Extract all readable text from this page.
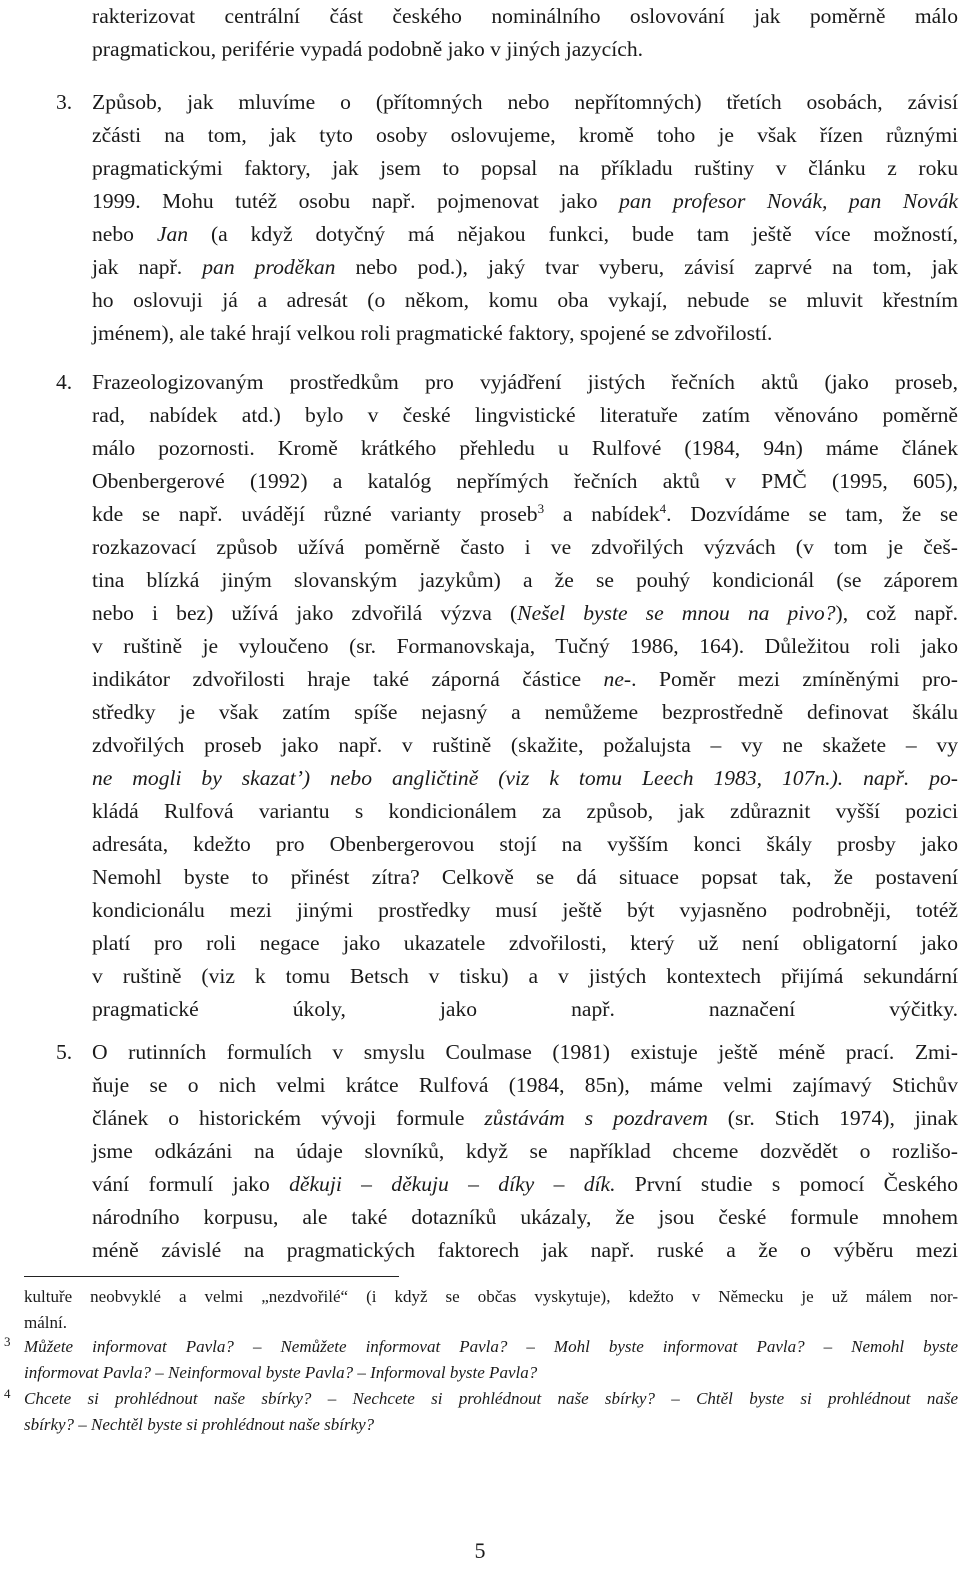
rakterizovat centrální část českého nominálního oslovování jak poměrně málo
pragmatickou, periférie vypadá podobně jako v jiných jazycích.
3. Způsob, jak mluvíme o (přítomných nebo nepřítomných) třetích osobách, závisí
zčásti na tom, jak tyto osoby oslovujeme, kromě toho je však řízen různými
pragmatickými faktory, jak jsem to popsal na příkladu ruštiny v článku z roku
1999. Mohu tutéž osobu např. pojmenovat jako pan profesor Novák, pan Novák
nebo Jan (a když dotyčný má nějakou funkci, bude tam ještě více možností,
jak např. pan proděkan nebo pod.), jaký tvar vyberu, závisí zaprvé na tom, jak
ho oslovuji já a adresát (o někom, komu oba vykají, nebude se mluvit křestním
jménem), ale také hrají velkou roli pragmatické faktory, spojené se zdvořilostí.
4. Frazeologizovaným prostředkům pro vyjádření jistých řečních aktů (jako proseb,
rad, nabídek atd.) bylo v české lingvistické literatuře zatím věnováno poměrně
málo pozornosti. Kromě krátkého přehledu u Rulfové (1984, 94n) máme článek
Obenbergerové (1992) a katalóg nepřímých řečních aktů v PMČ (1995, 605),
kde se např. uvádějí různé varianty proseb$^3$ a nabídek$^4$. Dozvídáme se tam, že se
rozkazovací způsob užívá poměrně často i ve zdvořilých výzvách (v tom je češ-
tina blízká jiným slovanským jazykům) a že se pouhý kondicionál (se záporem
nebo i bez) užívá jako zdvořilá výzva (Nešel byste se mnou na pivo?), což např.
v ruštině je vyloučeno (sr. Formanovskaja, Tučný 1986, 164). Důležitou roli jako
indikátor zdvořilosti hraje také záporná částice ne-. Poměr mezi zmíněnými pro-
středky je však zatím spíše nejasný a nemůžeme bezprostředně definovat škálu
zdvořilých proseb jako např. v ruštině (skažite, požalujsta – vy ne skažete – vy
ne mogli by skazat’) nebo angličtině (viz k tomu Leech 1983, 107n.). např. po-
kládá Rulfová variantu s kondicionálem za způsob, jak zdůraznit vyšší pozici
adresáta, kdežto pro Obenbergerovou stojí na vyšším konci škály prosby jako
Nemohl byste to přinést zítra? Celkově se dá situace popsat tak, že postavení
kondicionálu mezi jinými prostředky musí ještě být vyjasněno podrobněji, totéž
platí pro roli negace jako ukazatele zdvořilosti, který už není obligatorní jako
v ruštině (viz k tomu Betsch v tisku) a v jistých kontextech přijímá sekundární
pragmatické úkoly, jako např. naznačení výčitky.
5. O rutinních formulích v smyslu Coulmase (1981) existuje ještě méně prací. Zmi-
ňuje se o nich velmi krátce Rulfová (1984, 85n), máme velmi zajímavý Stichův
článek o historickém vývoji formule zůstávám s pozdravem (sr. Stich 1974), jinak
jsme odkázáni na údaje slovníků, když se například chceme dozvědět o rozlišo-
vání formulí jako děkuji – děkuju – díky – dík. První studie s pomocí Českého
národního korpusu, ale také dotazníků ukázaly, že jsou české formule mnohem
méně závislé na pragmatických faktorech jak např. ruské a že o výběru mezi
kultuře neobvyklé a velmi „nezdvořilé“ (i když se občas vyskytuje), kdežto v Německu je už málem nor-
mální.
3 Můžete informovat Pavla? – Nemůžete informovat Pavla? – Mohl byste informovat Pavla? – Nemohl byste
informovat Pavla? – Neinformoval byste Pavla? – Informoval byste Pavla?
4 Chcete si prohlédnout naše sbírky? – Nechcete si prohlédnout naše sbírky? – Chtěl byste si prohlédnout naše
sbírky? – Nechtěl byste si prohlédnout naše sbírky?
5
